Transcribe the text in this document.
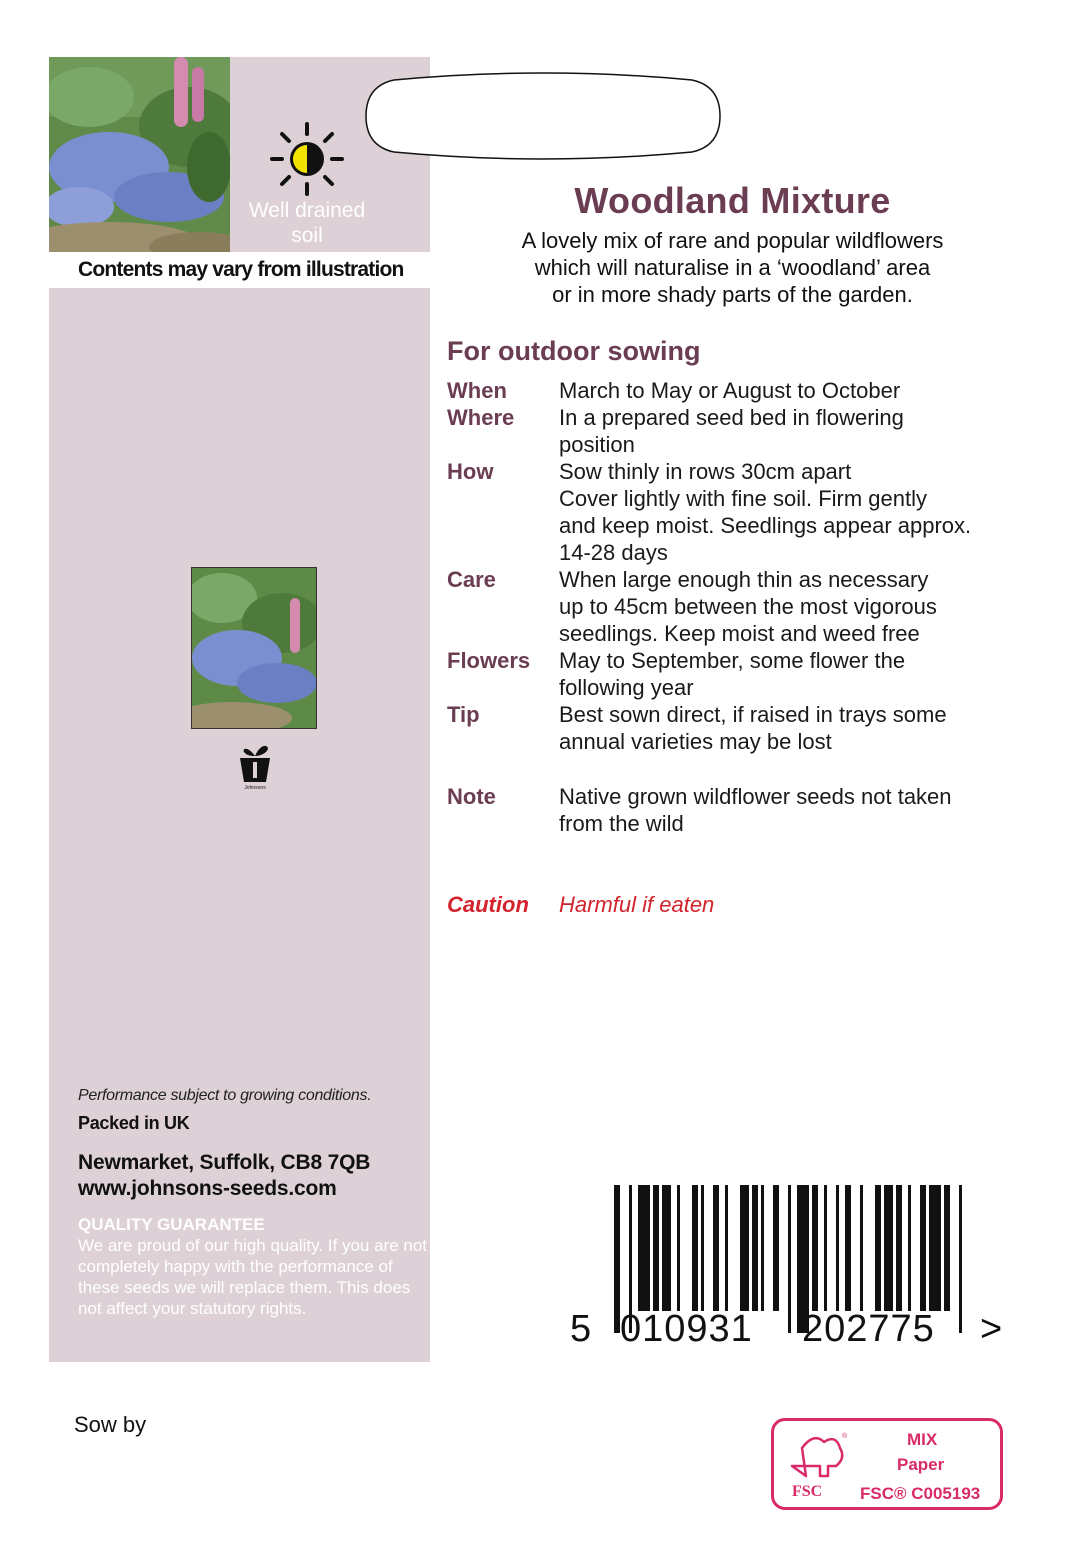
Well drained soil
Contents may vary from illustration
Johnsons
Performance subject to growing conditions.
Packed in UK
Newmarket, Suffolk, CB8 7QB
www.johnsons-seeds.com
QUALITY GUARANTEE
We are proud of our high quality. If you are not completely happy with the performance of these seeds we will replace them. This does not affect your statutory rights.
Woodland Mixture
A lovely mix of rare and popular wildflowers
which will naturalise in a ‘woodland’ area
or in more shady parts of the garden.
For outdoor sowing
When March to May or August to October
Where In a prepared seed bed in flowering
position
How	Sow thinly in rows 30cm apart
Cover lightly with fine soil. Firm gently
and keep moist. Seedlings appear approx.
14-28 days
Care	When large enough thin as necessary
up to 45cm between the most vigorous
seedlings. Keep moist and weed free
Flowers May to September, some flower the
following year
Tip	Best sown direct, if raised in trays some
annual varieties may be lost
Note	Native grown wildflower seeds not taken
from the wild
Caution Harmful if eaten
Sow by
5 010931 202775 >
®
FSC
MIX
Paper
FSC® C005193
